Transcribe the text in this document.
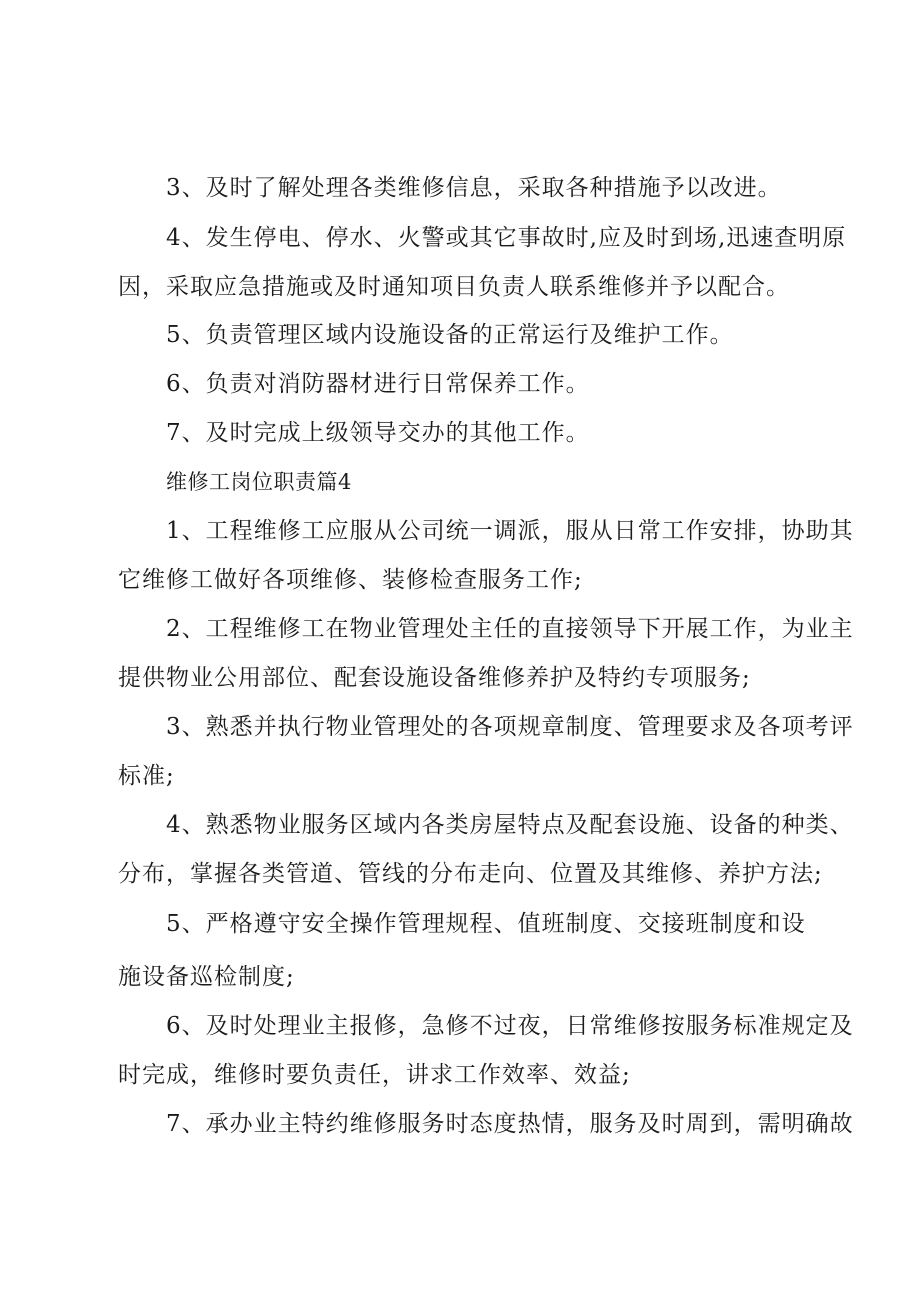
3、及时了解处理各类维修信息，采取各种措施予以改进。
4、发生停电、停水、火警或其它事故时,应及时到场,迅速查明原
因，采取应急措施或及时通知项目负责人联系维修并予以配合。
5、负责管理区域内设施设备的正常运行及维护工作。
6、负责对消防器材进行日常保养工作。
7、及时完成上级领导交办的其他工作。
维修工岗位职责篇4
1、工程维修工应服从公司统一调派，服从日常工作安排，协助其
它维修工做好各项维修、装修检查服务工作;
2、工程维修工在物业管理处主任的直接领导下开展工作，为业主
提供物业公用部位、配套设施设备维修养护及特约专项服务;
3、熟悉并执行物业管理处的各项规章制度、管理要求及各项考评
标准;
4、熟悉物业服务区域内各类房屋特点及配套设施、设备的种类、
分布，掌握各类管道、管线的分布走向、位置及其维修、养护方法;
5、严格遵守安全操作管理规程、值班制度、交接班制度和设
施设备巡检制度;
6、及时处理业主报修，急修不过夜，日常维修按服务标准规定及
时完成，维修时要负责任，讲求工作效率、效益;
7、承办业主特约维修服务时态度热情，服务及时周到，需明确故
